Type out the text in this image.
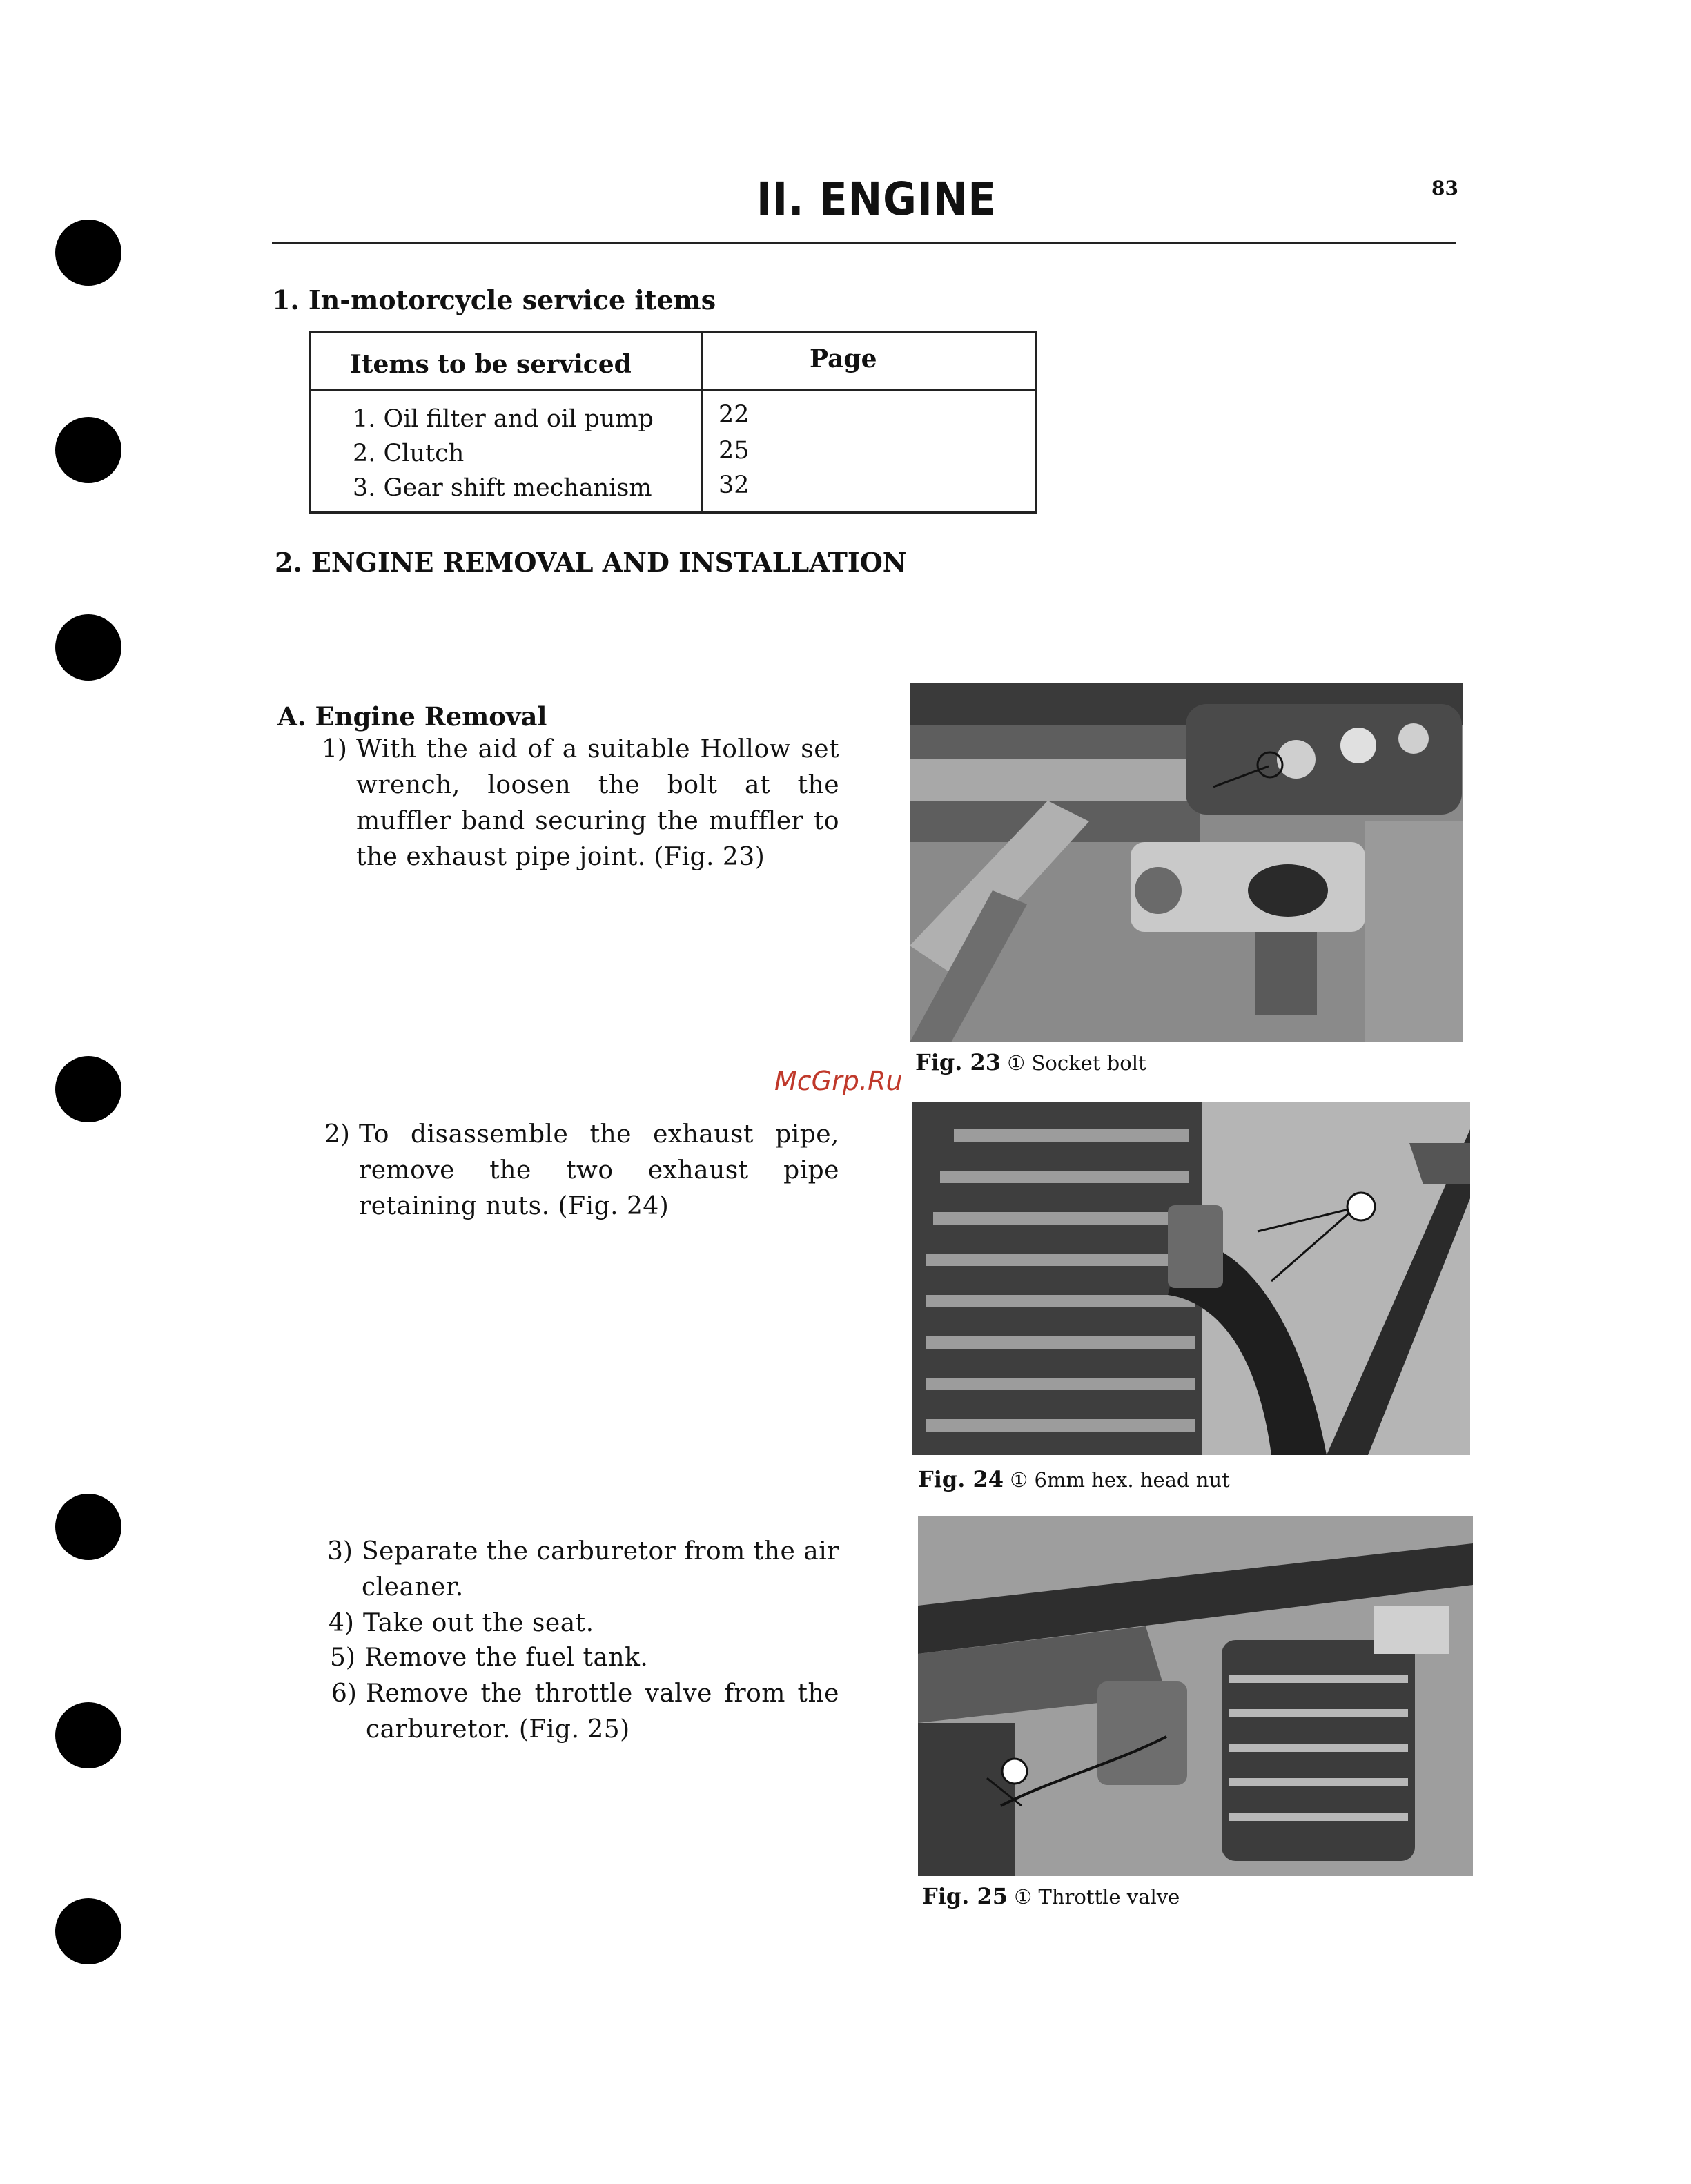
II. ENGINE	83
1. In-motorcycle service items
Items to be serviced	Page
1. Oil filter and oil pump	22
2. Clutch	25
3. Gear shift mechanism	32
2. ENGINE REMOVAL AND INSTALLATION
A. Engine Removal
1) With the aid of a suitable Hollow set wrench, loosen the bolt at the muffler band securing the muffler to the exhaust pipe joint. (Fig. 23)
2) To disassemble the exhaust pipe, remove the two exhaust pipe retaining nuts. (Fig. 24)
3) Separate the carburetor from the air cleaner.
4) Take out the seat.
5) Remove the fuel tank.
6) Remove the throttle valve from the carburetor. (Fig. 25)
Fig. 23 ① Socket bolt
McGrp.Ru
Fig. 24 ① 6mm hex. head nut
Fig. 25 ① Throttle valve
